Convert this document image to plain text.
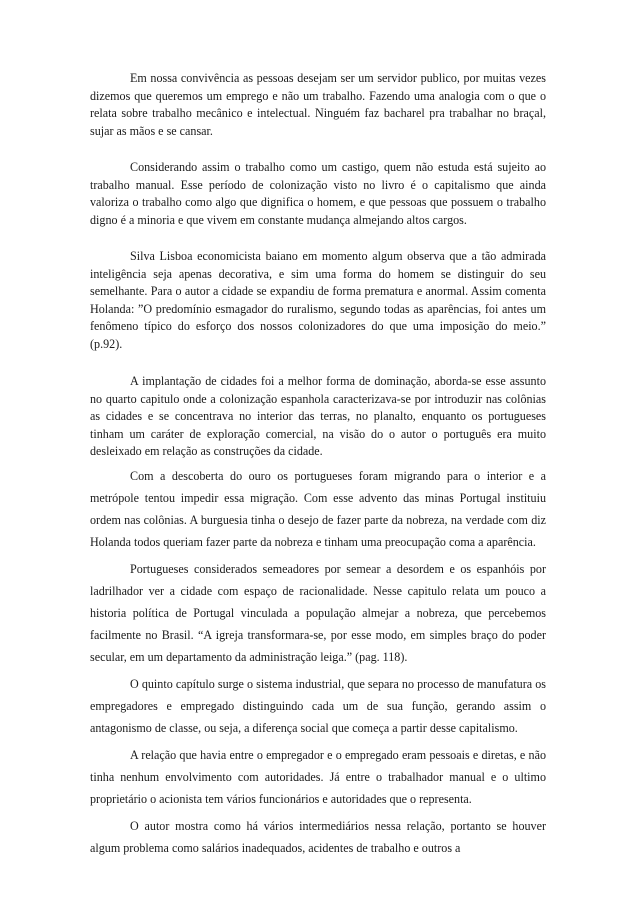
Em nossa convivência as pessoas desejam ser um servidor publico, por muitas vezes dizemos que queremos um emprego e não um trabalho. Fazendo uma analogia com o que o relata sobre trabalho mecânico e intelectual. Ninguém faz bacharel pra trabalhar no braçal, sujar as mãos e se cansar.

Considerando assim o trabalho como um castigo, quem não estuda está sujeito ao trabalho manual. Esse período de colonização visto no livro é o capitalismo que ainda valoriza o trabalho como algo que dignifica o homem, e que pessoas que possuem o trabalho digno é a minoria e que vivem em constante mudança almejando altos cargos.

Silva Lisboa economicista baiano em momento algum observa que a tão admirada inteligência seja apenas decorativa, e sim uma forma do homem se distinguir do seu semelhante. Para o autor a cidade se expandiu de forma prematura e anormal. Assim comenta Holanda: ”O predomínio esmagador do ruralismo, segundo todas as aparências, foi antes um fenômeno típico do esforço dos nossos colonizadores do que uma imposição do meio.” (p.92).

A implantação de cidades foi a melhor forma de dominação, aborda-se esse assunto no quarto capitulo onde a colonização espanhola caracterizava-se por introduzir nas colônias as cidades e se concentrava no interior das terras, no planalto, enquanto os portugueses tinham um caráter de exploração comercial, na visão do o autor o português era muito desleixado em relação as construções da cidade.

Com a descoberta do ouro os portugueses foram migrando para o interior e a metrópole tentou impedir essa migração. Com esse advento das minas Portugal instituiu ordem nas colônias. A burguesia tinha o desejo de fazer parte da nobreza, na verdade com diz Holanda todos queriam fazer parte da nobreza e tinham uma preocupação coma a aparência.

Portugueses considerados semeadores por semear a desordem e os espanhóis por ladrilhador ver a cidade com espaço de racionalidade. Nesse capitulo relata um pouco a historia política de Portugal vinculada a população almejar a nobreza, que percebemos facilmente no Brasil. “A igreja transformara-se, por esse modo, em simples braço do poder secular, em um departamento da administração leiga.” (pag. 118).

O quinto capítulo surge o sistema industrial, que separa no processo de manufatura os empregadores e empregado distinguindo cada um de sua função, gerando assim o antagonismo de classe, ou seja, a diferença social que começa a partir desse capitalismo.

A relação que havia entre o empregador e o empregado eram pessoais e diretas, e não tinha nenhum envolvimento com autoridades. Já entre o trabalhador manual e o ultimo proprietário o acionista tem vários funcionários e autoridades que o representa.

O autor mostra como há vários intermediários nessa relação, portanto se houver algum problema como salários inadequados, acidentes de trabalho e outros a
